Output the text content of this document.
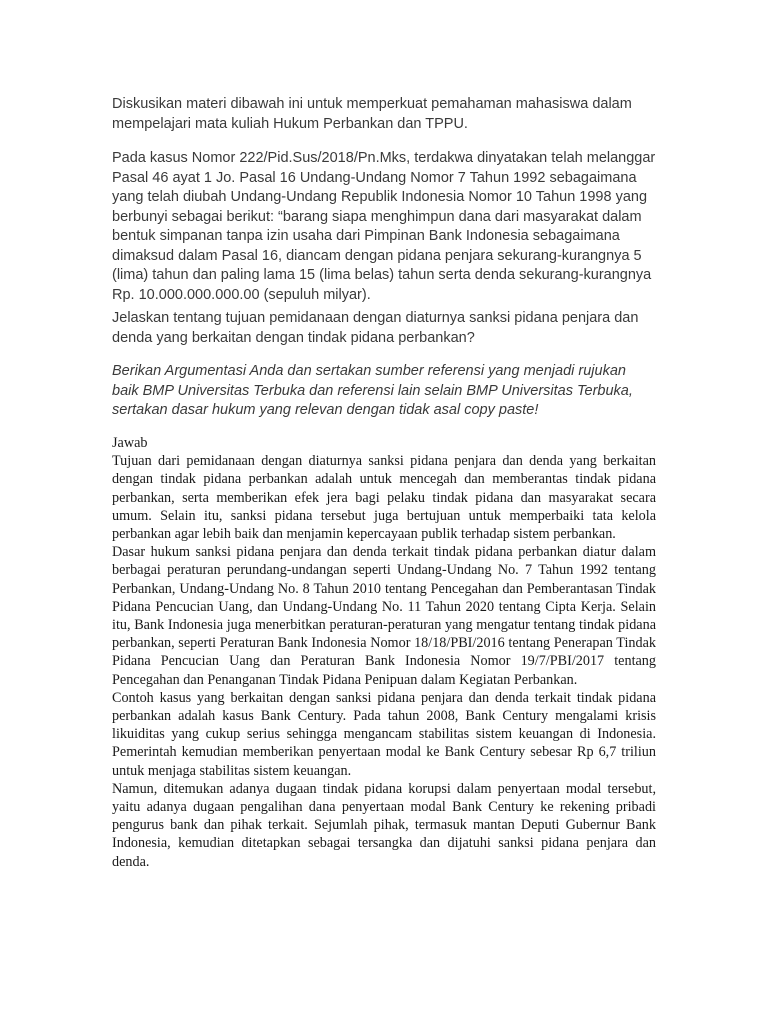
Diskusikan materi dibawah ini untuk memperkuat pemahaman mahasiswa dalam mempelajari mata kuliah Hukum Perbankan dan TPPU.

Pada kasus Nomor 222/Pid.Sus/2018/Pn.Mks, terdakwa dinyatakan telah melanggar Pasal 46 ayat 1 Jo. Pasal 16 Undang-Undang Nomor 7 Tahun 1992 sebagaimana yang telah diubah Undang-Undang Republik Indonesia Nomor 10 Tahun 1998 yang berbunyi sebagai berikut: “barang siapa menghimpun dana dari masyarakat dalam bentuk simpanan tanpa izin usaha dari Pimpinan Bank Indonesia sebagaimana dimaksud dalam Pasal 16, diancam dengan pidana penjara sekurang-kurangnya 5 (lima) tahun dan paling lama 15 (lima belas) tahun serta denda sekurang-kurangnya Rp. 10.000.000.000.00 (sepuluh milyar).

Jelaskan tentang tujuan pemidanaan dengan diaturnya sanksi pidana penjara dan denda yang berkaitan dengan tindak pidana perbankan?

Berikan Argumentasi Anda dan sertakan sumber referensi yang menjadi rujukan baik BMP Universitas Terbuka dan referensi lain selain BMP Universitas Terbuka, sertakan dasar hukum yang relevan dengan tidak asal copy paste!

Jawab

Tujuan dari pemidanaan dengan diaturnya sanksi pidana penjara dan denda yang berkaitan dengan tindak pidana perbankan adalah untuk mencegah dan memberantas tindak pidana perbankan, serta memberikan efek jera bagi pelaku tindak pidana dan masyarakat secara umum. Selain itu, sanksi pidana tersebut juga bertujuan untuk memperbaiki tata kelola perbankan agar lebih baik dan menjamin kepercayaan publik terhadap sistem perbankan.

Dasar hukum sanksi pidana penjara dan denda terkait tindak pidana perbankan diatur dalam berbagai peraturan perundang-undangan seperti Undang-Undang No. 7 Tahun 1992 tentang Perbankan, Undang-Undang No. 8 Tahun 2010 tentang Pencegahan dan Pemberantasan Tindak Pidana Pencucian Uang, dan Undang-Undang No. 11 Tahun 2020 tentang Cipta Kerja. Selain itu, Bank Indonesia juga menerbitkan peraturan-peraturan yang mengatur tentang tindak pidana perbankan, seperti Peraturan Bank Indonesia Nomor 18/18/PBI/2016 tentang Penerapan Tindak Pidana Pencucian Uang dan Peraturan Bank Indonesia Nomor 19/7/PBI/2017 tentang Pencegahan dan Penanganan Tindak Pidana Penipuan dalam Kegiatan Perbankan.

Contoh kasus yang berkaitan dengan sanksi pidana penjara dan denda terkait tindak pidana perbankan adalah kasus Bank Century. Pada tahun 2008, Bank Century mengalami krisis likuiditas yang cukup serius sehingga mengancam stabilitas sistem keuangan di Indonesia. Pemerintah kemudian memberikan penyertaan modal ke Bank Century sebesar Rp 6,7 triliun untuk menjaga stabilitas sistem keuangan.

Namun, ditemukan adanya dugaan tindak pidana korupsi dalam penyertaan modal tersebut, yaitu adanya dugaan pengalihan dana penyertaan modal Bank Century ke rekening pribadi pengurus bank dan pihak terkait. Sejumlah pihak, termasuk mantan Deputi Gubernur Bank Indonesia, kemudian ditetapkan sebagai tersangka dan dijatuhi sanksi pidana penjara dan denda.
